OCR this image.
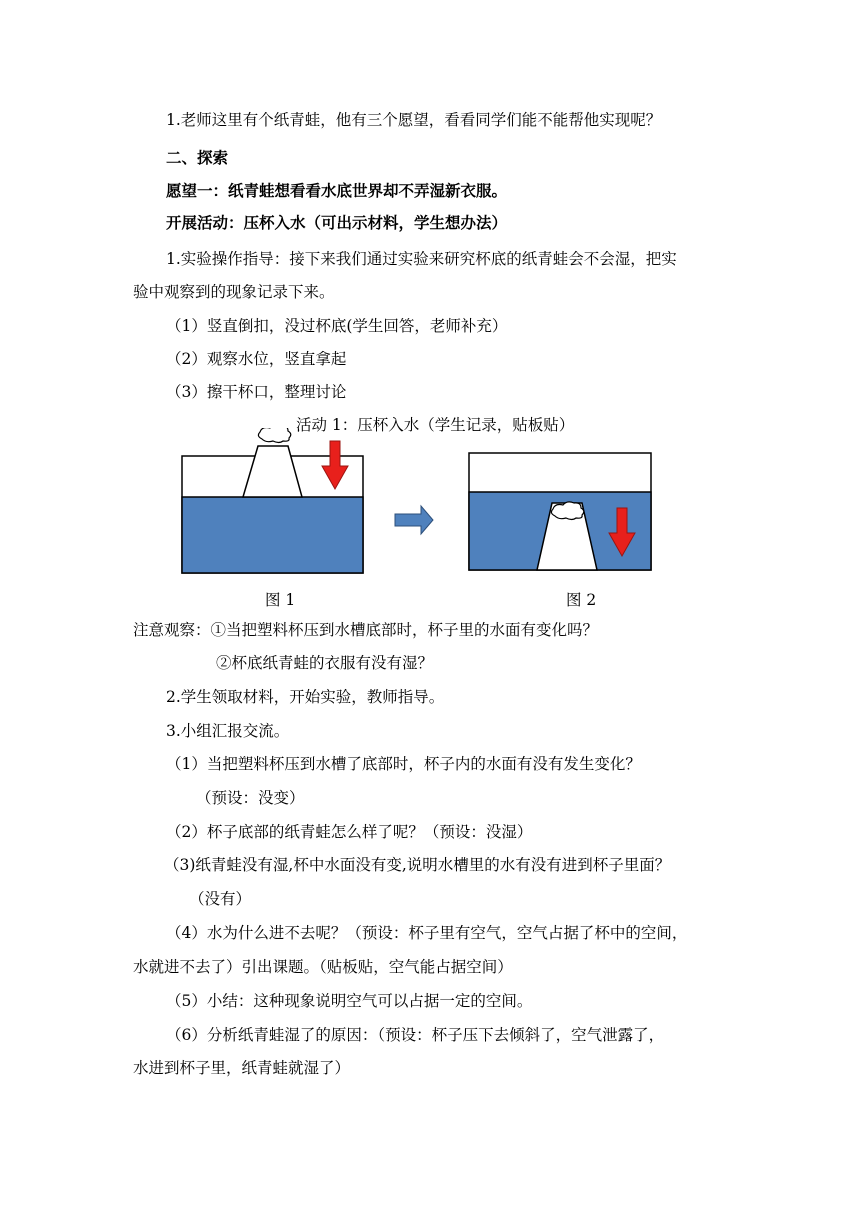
1.老师这里有个纸青蛙，他有三个愿望，看看同学们能不能帮他实现呢？
二、探索
愿望一：纸青蛙想看看水底世界却不弄湿新衣服。
开展活动：压杯入水（可出示材料，学生想办法）
1.实验操作指导：接下来我们通过实验来研究杯底的纸青蛙会不会湿，把实
验中观察到的现象记录下来。
（1）竖直倒扣，没过杯底(学生回答，老师补充）
（2）观察水位，竖直拿起
（3）擦干杯口，整理讨论
活动 1：压杯入水（学生记录，贴板贴）
图 1	图 2
注意观察：①当把塑料杯压到水槽底部时，杯子里的水面有变化吗？
②杯底纸青蛙的衣服有没有湿？
2.学生领取材料，开始实验，教师指导。
3.小组汇报交流。
（1）当把塑料杯压到水槽了底部时，杯子内的水面有没有发生变化？
（预设：没变）
（2）杯子底部的纸青蛙怎么样了呢？（预设：没湿）
（3)纸青蛙没有湿,杯中水面没有变,说明水槽里的水有没有进到杯子里面？
（没有）
（4）水为什么进不去呢？（预设：杯子里有空气，空气占据了杯中的空间，
水就进不去了）引出课题。（贴板贴，空气能占据空间）
（5）小结：这种现象说明空气可以占据一定的空间。
（6）分析纸青蛙湿了的原因：（预设：杯子压下去倾斜了，空气泄露了，
水进到杯子里，纸青蛙就湿了）
